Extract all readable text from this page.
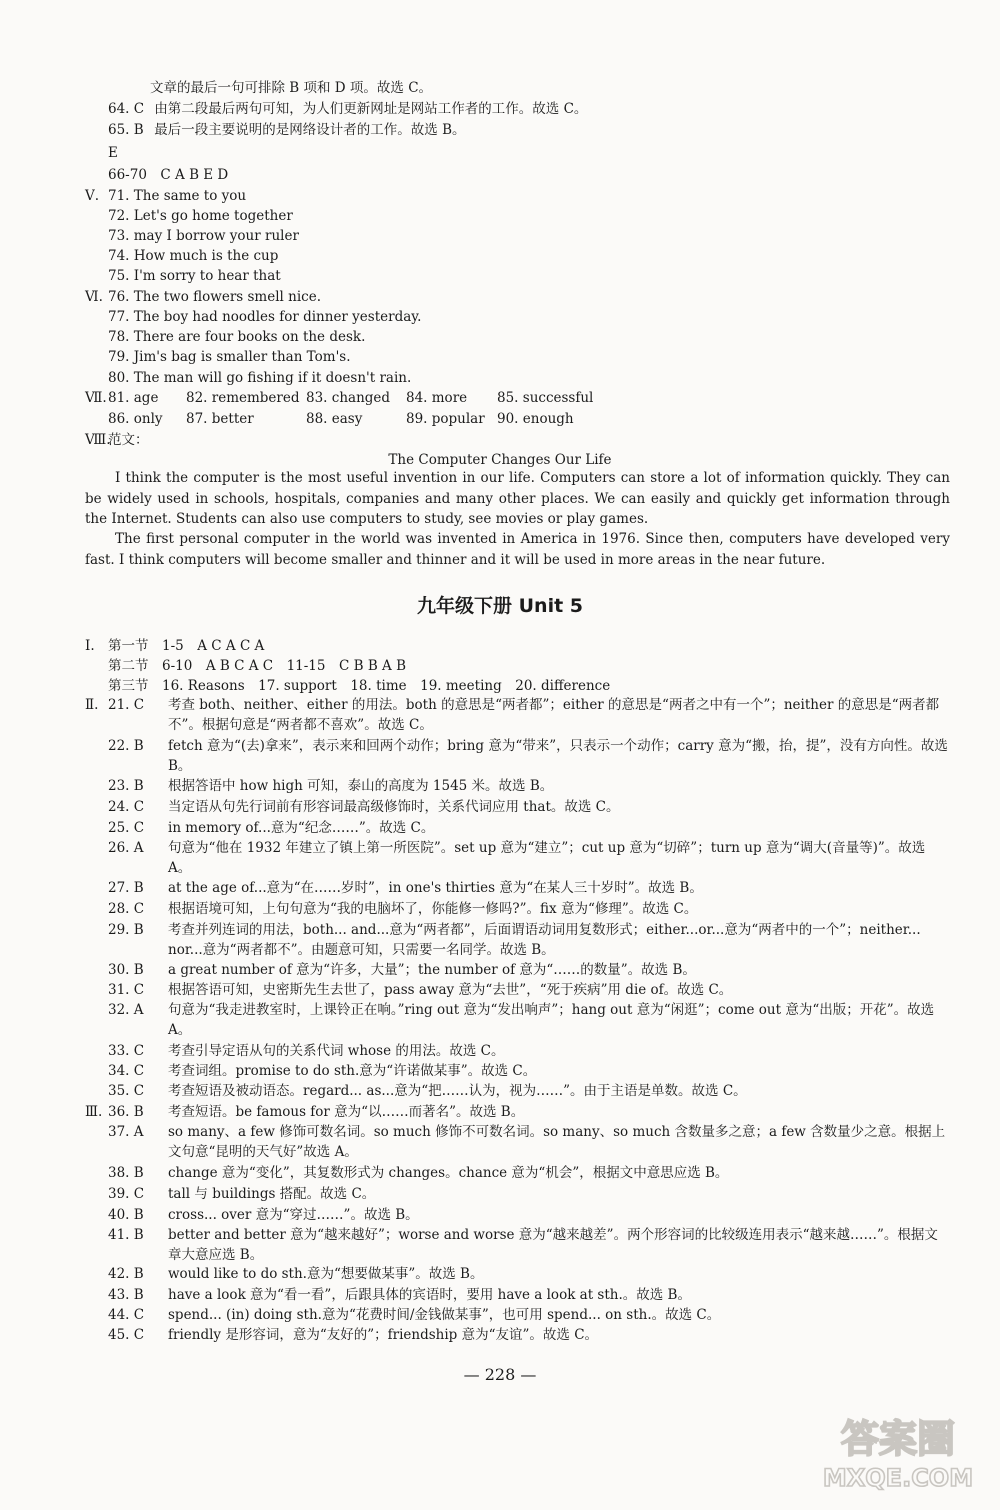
文章的最后一句可排除 B 项和 D 项。故选 C。
64. C 由第二段最后两句可知，为人们更新网址是网站工作者的工作。故选 C。
65. B 最后一段主要说明的是网络设计者的工作。故选 B。
E
66-70　C A B E D
Ⅴ. 71. The same to you
72. Let's go home together
73. may I borrow your ruler
74. How much is the cup
75. I'm sorry to hear that
Ⅵ. 76. The two flowers smell nice.
77. The boy had noodles for dinner yesterday.
78. There are four books on the desk.
79. Jim's bag is smaller than Tom's.
80. The man will go fishing if it doesn't rain.
Ⅶ. 81. age 82. remembered 83. changed 84. more 85. successful
86. only 87. better	88. easy	89. popular 90. enough
Ⅷ.
范文：
The Computer Changes Our Life
I think the computer is the most useful invention in our life. Computers can store a lot of information quickly. They can be widely used in schools, hospitals, companies and many other places. We can easily and quickly get information through the Internet. Students can also use computers to study, see movies or play games.
The first personal computer in the world was invented in America in 1976. Since then, computers have developed very fast. I think computers will become smaller and thinner and it will be used in more areas in the near future.
九年级下册 Unit 5
Ⅰ. 第一节　1-5　A C A C A
第二节　6-10　A B C A C　11-15　C B B A B
第三节　16. Reasons　17. support　18. time　19. meeting　20. difference
Ⅱ. 21. C 考查 both、neither、either 的用法。both 的意思是“两者都”；either 的意思是“两者之中有一个”；neither 的意思是“两者都不”。根据句意是“两者都不喜欢”。故选 C。
22. B fetch 意为“(去)拿来”，表示来和回两个动作；bring 意为“带来”，只表示一个动作；carry 意为“搬，抬，提”，没有方向性。故选 B。
23. B 根据答语中 how high 可知，泰山的高度为 1545 米。故选 B。
24. C 当定语从句先行词前有形容词最高级修饰时，关系代词应用 that。故选 C。
25. C in memory of...意为“纪念……”。故选 C。
26. A 句意为“他在 1932 年建立了镇上第一所医院”。set up 意为“建立”；cut up 意为“切碎”；turn up 意为“调大(音量等)”。故选 A。
27. B at the age of...意为“在……岁时”，in one's thirties 意为“在某人三十岁时”。故选 B。
28. C 根据语境可知，上句句意为“我的电脑坏了，你能修一修吗?”。fix 意为“修理”。故选 C。
29. B 考查并列连词的用法，both... and...意为“两者都”，后面谓语动词用复数形式；either...or...意为“两者中的一个”；neither... nor...意为“两者都不”。由题意可知，只需要一名同学。故选 B。
30. B a great number of 意为“许多，大量”；the number of 意为“……的数量”。故选 B。
31. C 根据答语可知，史密斯先生去世了，pass away 意为“去世”，“死于疾病”用 die of。故选 C。
32. A 句意为“我走进教室时，上课铃正在响。”ring out 意为“发出响声”；hang out 意为“闲逛”；come out 意为“出版；开花”。故选 A。
33. C 考查引导定语从句的关系代词 whose 的用法。故选 C。
34. C 考查词组。promise to do sth.意为“许诺做某事”。故选 C。
35. C 考查短语及被动语态。regard... as...意为“把……认为，视为……”。由于主语是单数。故选 C。
Ⅲ. 36. B 考查短语。be famous for 意为“以……而著名”。故选 B。
37. A so many、a few 修饰可数名词。so much 修饰不可数名词。so many、so much 含数量多之意；a few 含数量少之意。根据上文句意“昆明的天气好”故选 A。
38. B change 意为“变化”，其复数形式为 changes。chance 意为“机会”，根据文中意思应选 B。
39. C tall 与 buildings 搭配。故选 C。
40. B cross... over 意为“穿过……”。故选 B。
41. B better and better 意为“越来越好”；worse and worse 意为“越来越差”。两个形容词的比较级连用表示“越来越……”。根据文章大意应选 B。
42. B would like to do sth.意为“想要做某事”。故选 B。
43. B have a look 意为“看一看”，后跟具体的宾语时，要用 have a look at sth.。故选 B。
44. C spend... (in) doing sth.意为“花费时间/金钱做某事”，也可用 spend... on sth.。故选 C。
45. C friendly 是形容词，意为“友好的”；friendship 意为“友谊”。故选 C。
— 228 —
答案圈
MXQE.COM
